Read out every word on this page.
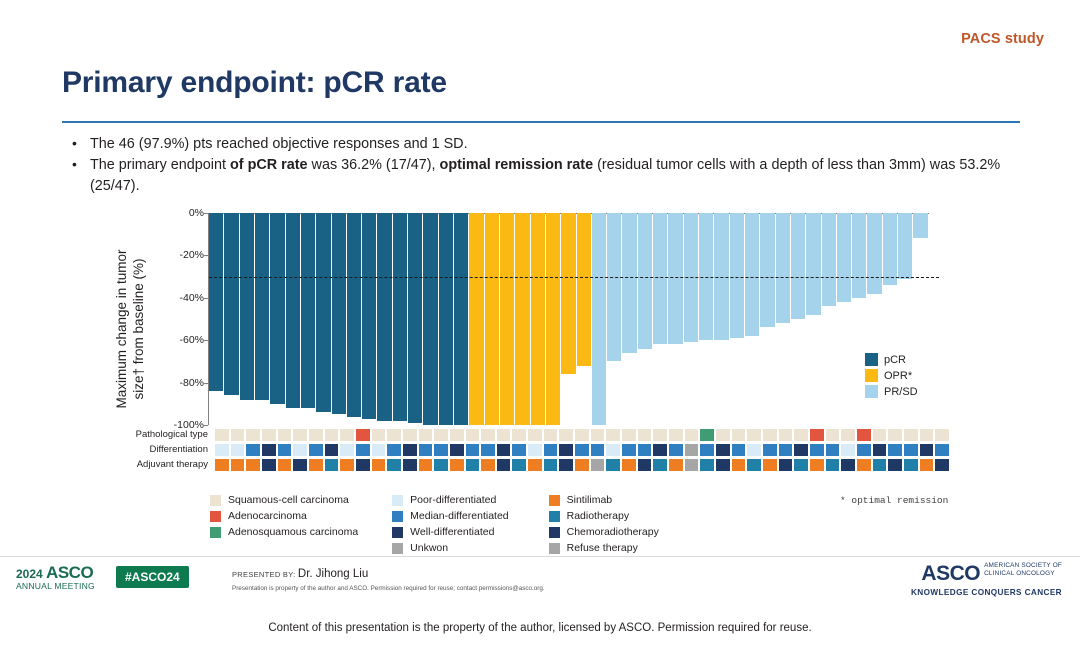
PACS study
Primary endpoint: pCR rate
• The 46 (97.9%) pts reached objective responses and 1 SD.
• The primary endpoint of pCR rate was 36.2% (17/47), optimal remission rate (residual tumor cells with a depth of less than 3mm) was 53.2% (25/47).
Maximum change in tumor
size† from baseline (%)
0%
-20%
-40%
-60%
-80%
-100%
pCR
OPR*
PR/SD
Pathological type
Differentiation
Adjuvant therapy
Squamous-cell carcinoma
Adenocarcinoma
Adenosquamous carcinoma
Poor-differentiated
Median-differentiated
Well-differentiated
Unkwon
Sintilimab
Radiotherapy
Chemoradiotherapy
Refuse therapy
* optimal remission
2024 ASCO
ANNUAL MEETING
#ASCO24	PRESENTED BY: Dr. Jihong Liu
Presentation is property of the author and ASCO. Permission required for reuse; contact permissions@asco.org.
ASCO AMERICAN SOCIETY OF
CLINICAL ONCOLOGY
KNOWLEDGE CONQUERS CANCER
Content of this presentation is the property of the author, licensed by ASCO. Permission required for reuse.
